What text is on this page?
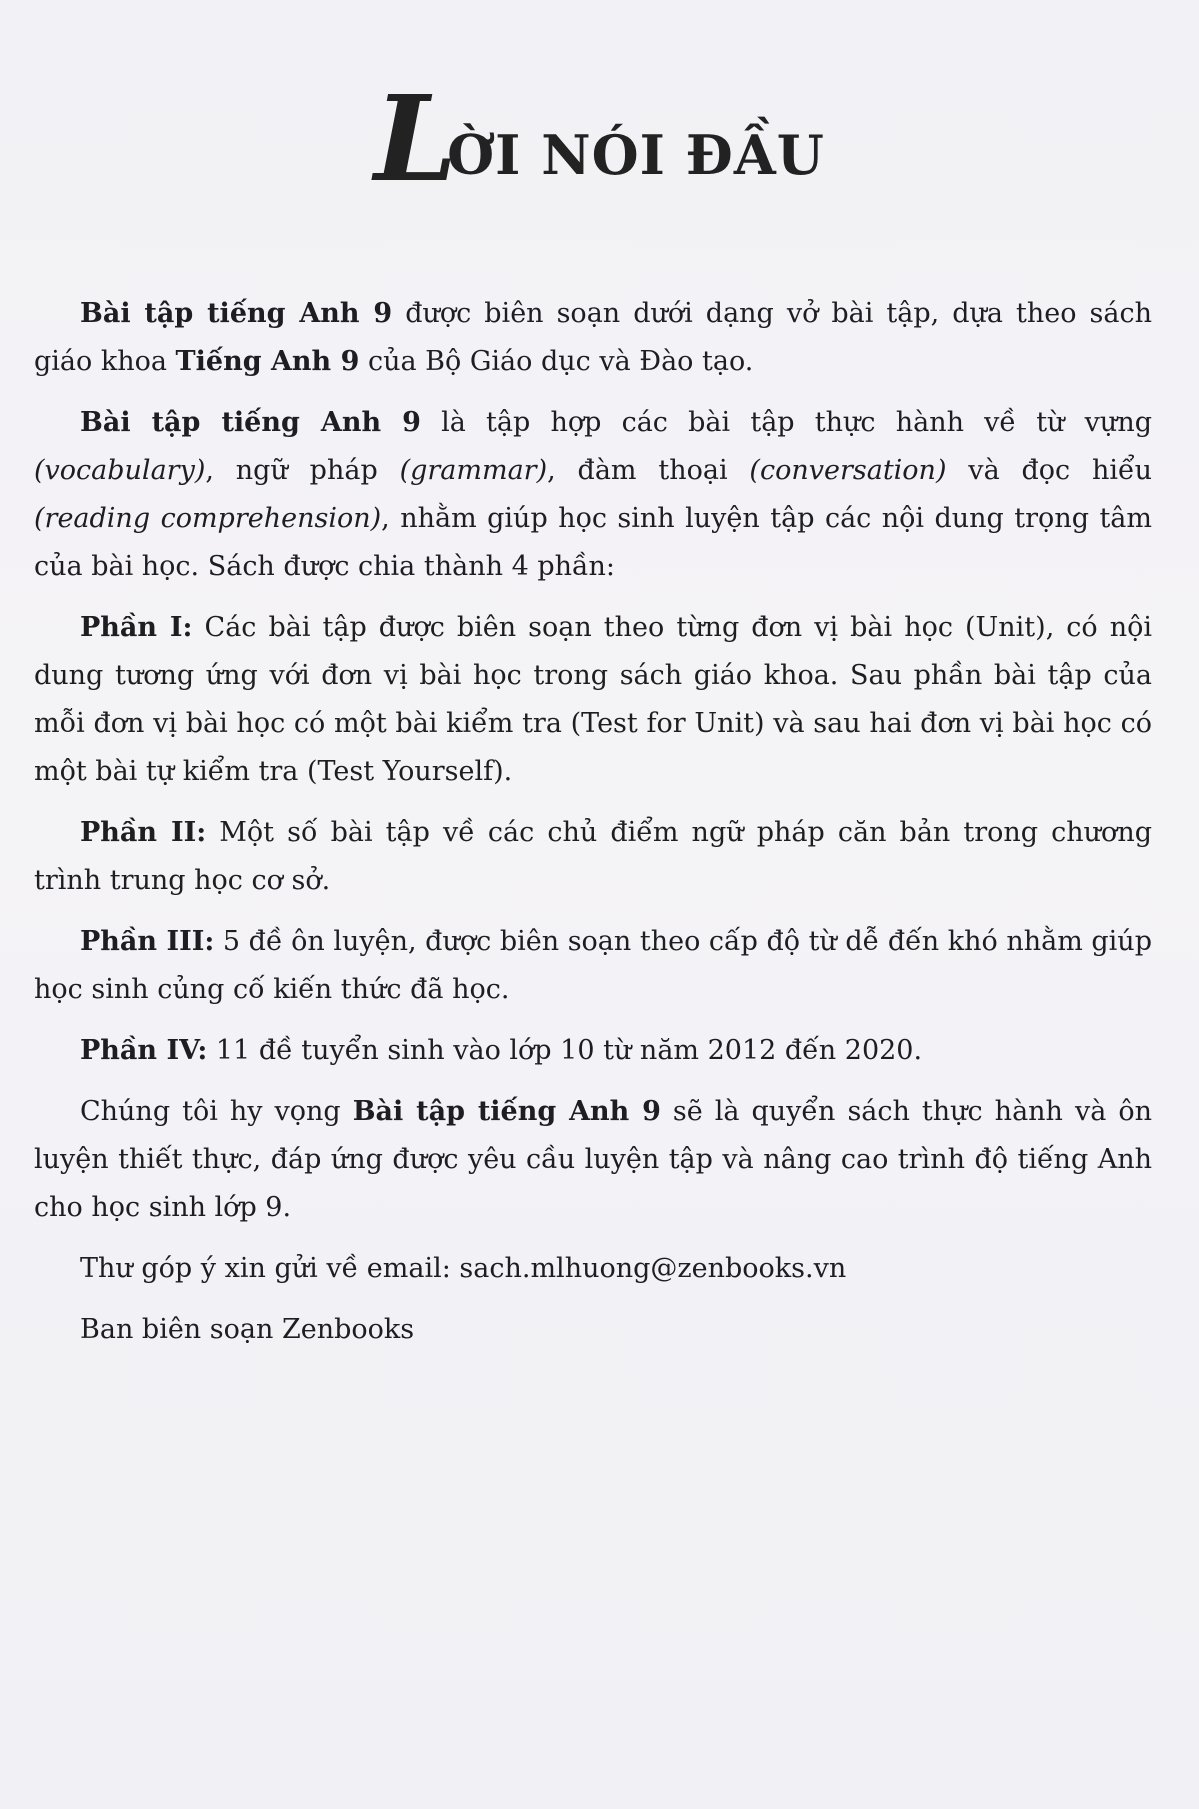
LỜI NÓI ĐẦU

Bài tập tiếng Anh 9 được biên soạn dưới dạng vở bài tập, dựa theo sách giáo khoa Tiếng Anh 9 của Bộ Giáo dục và Đào tạo.

Bài tập tiếng Anh 9 là tập hợp các bài tập thực hành về từ vựng (vocabulary), ngữ pháp (grammar), đàm thoại (conversation) và đọc hiểu (reading comprehension), nhằm giúp học sinh luyện tập các nội dung trọng tâm của bài học. Sách được chia thành 4 phần:

Phần I: Các bài tập được biên soạn theo từng đơn vị bài học (Unit), có nội dung tương ứng với đơn vị bài học trong sách giáo khoa. Sau phần bài tập của mỗi đơn vị bài học có một bài kiểm tra (Test for Unit) và sau hai đơn vị bài học có một bài tự kiểm tra (Test Yourself).

Phần II: Một số bài tập về các chủ điểm ngữ pháp căn bản trong chương trình trung học cơ sở.

Phần III: 5 đề ôn luyện, được biên soạn theo cấp độ từ dễ đến khó nhằm giúp học sinh củng cố kiến thức đã học.

Phần IV: 11 đề tuyển sinh vào lớp 10 từ năm 2012 đến 2020.

Chúng tôi hy vọng Bài tập tiếng Anh 9 sẽ là quyển sách thực hành và ôn luyện thiết thực, đáp ứng được yêu cầu luyện tập và nâng cao trình độ tiếng Anh cho học sinh lớp 9.

Thư góp ý xin gửi về email: sach.mlhuong@zenbooks.vn

Ban biên soạn Zenbooks
